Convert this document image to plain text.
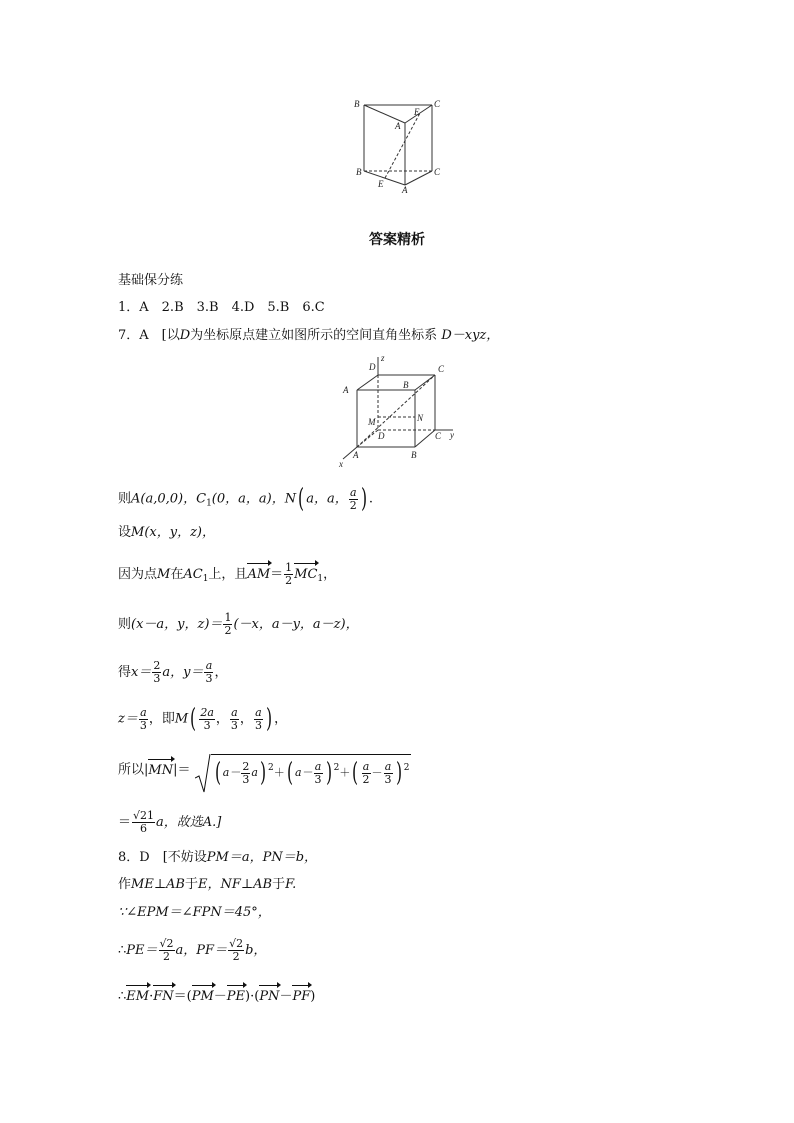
B	C
A
E
B	C
A
E
答案精析
基础保分练
1．A　2.B　3.B　4.D　5.B　6.C
7．A　[以D为坐标原点建立如图所示的空间直角坐标系 D－xyz，
D	C
A	B
M	N
D	C
A	B
y
z
x
则A(a,0,0)，$C_1(0$，a，a)，N( a，a， $\frac{a}{2}$ ) .
设M(x，y，z)，
因为点M在$AC_1$上，且$AM= \frac{1}{2} MC_1$，
则(x－a，y，$z)= \frac{1}{2} (-x$，a－y，a－z)，
得$x= \frac{2}{3}$ a，$y= \frac{a}{3}$ ，
$z= \frac{a}{3}$ ，即$M( \frac{2a}{3}$ ， $\frac{a}{3}$ ， $\frac{a}{3}$ ) ，
所以|MN|＝ ( $a- \frac{2}{3} a$) $^2$＋( $a- \frac{a}{3}$ ) $^2+( \frac{a}{2} - \frac{a}{3}$ ) $^2$
＝ $\frac{√21}{6}$ a，故选A.]
8．D　[不妨设PM＝a，PN＝b，
作ME⊥AB于E，NF⊥AB于F.
∵∠EPM＝∠FPN＝45°，
∴PE＝ $\frac{√2}{2}$ a，$PF= \frac{√2}{2}$ b，
∴EM·FN＝(PM－PE)·(PN－PF)
